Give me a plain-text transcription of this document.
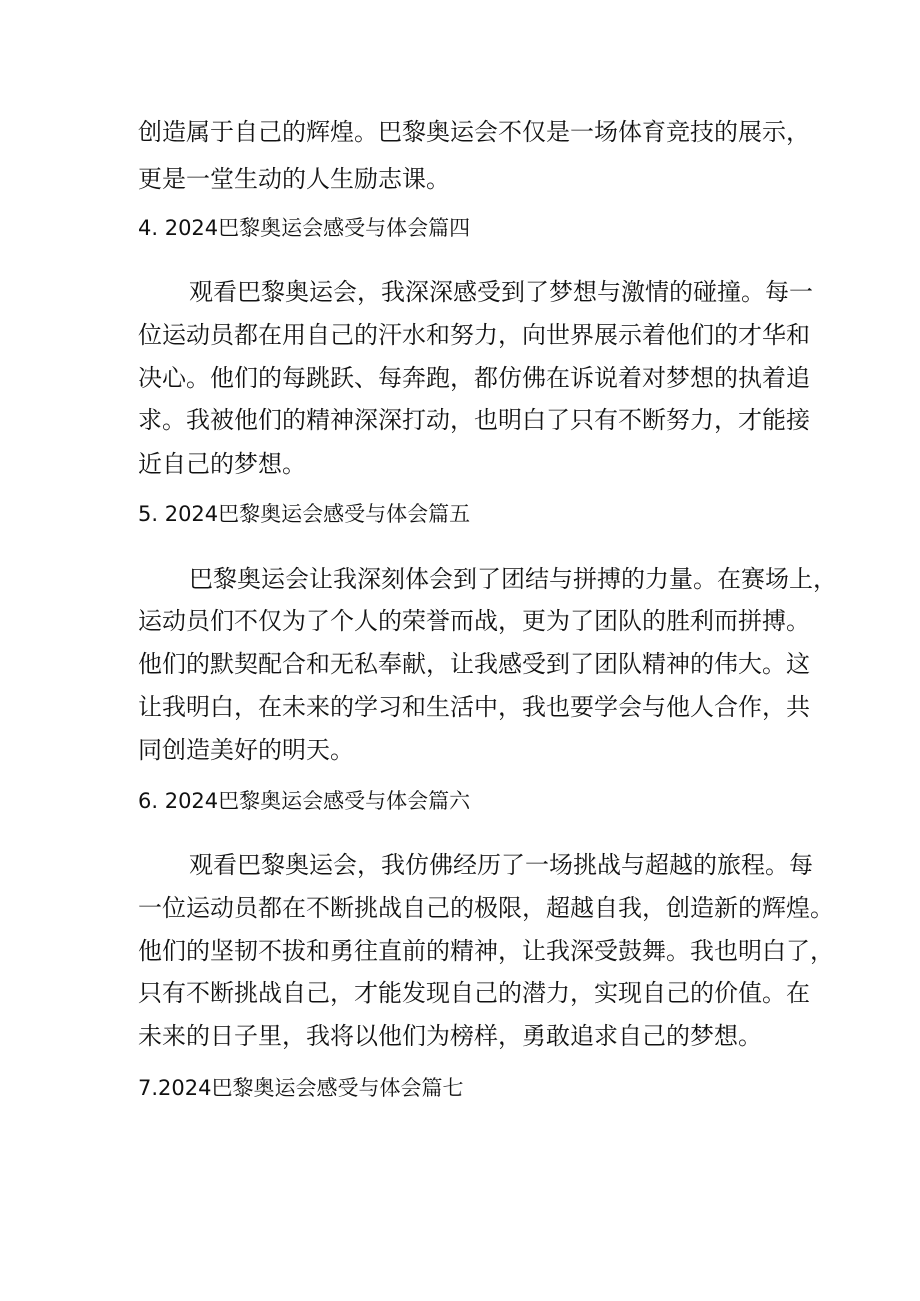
创造属于自己的辉煌。巴黎奥运会不仅是一场体育竞技的展示，
更是一堂生动的人生励志课。
4. 2024巴黎奥运会感受与体会篇四
观看巴黎奥运会，我深深感受到了梦想与激情的碰撞。每一
位运动员都在用自己的汗水和努力，向世界展示着他们的才华和
决心。他们的每跳跃、每奔跑，都仿佛在诉说着对梦想的执着追
求。我被他们的精神深深打动，也明白了只有不断努力，才能接
近自己的梦想。
5. 2024巴黎奥运会感受与体会篇五
巴黎奥运会让我深刻体会到了团结与拼搏的力量。在赛场上，
运动员们不仅为了个人的荣誉而战，更为了团队的胜利而拼搏。
他们的默契配合和无私奉献，让我感受到了团队精神的伟大。这
让我明白，在未来的学习和生活中，我也要学会与他人合作，共
同创造美好的明天。
6. 2024巴黎奥运会感受与体会篇六
观看巴黎奥运会，我仿佛经历了一场挑战与超越的旅程。每
一位运动员都在不断挑战自己的极限，超越自我，创造新的辉煌。
他们的坚韧不拔和勇往直前的精神，让我深受鼓舞。我也明白了，
只有不断挑战自己，才能发现自己的潜力，实现自己的价值。在
未来的日子里，我将以他们为榜样，勇敢追求自己的梦想。
7.2024巴黎奥运会感受与体会篇七
